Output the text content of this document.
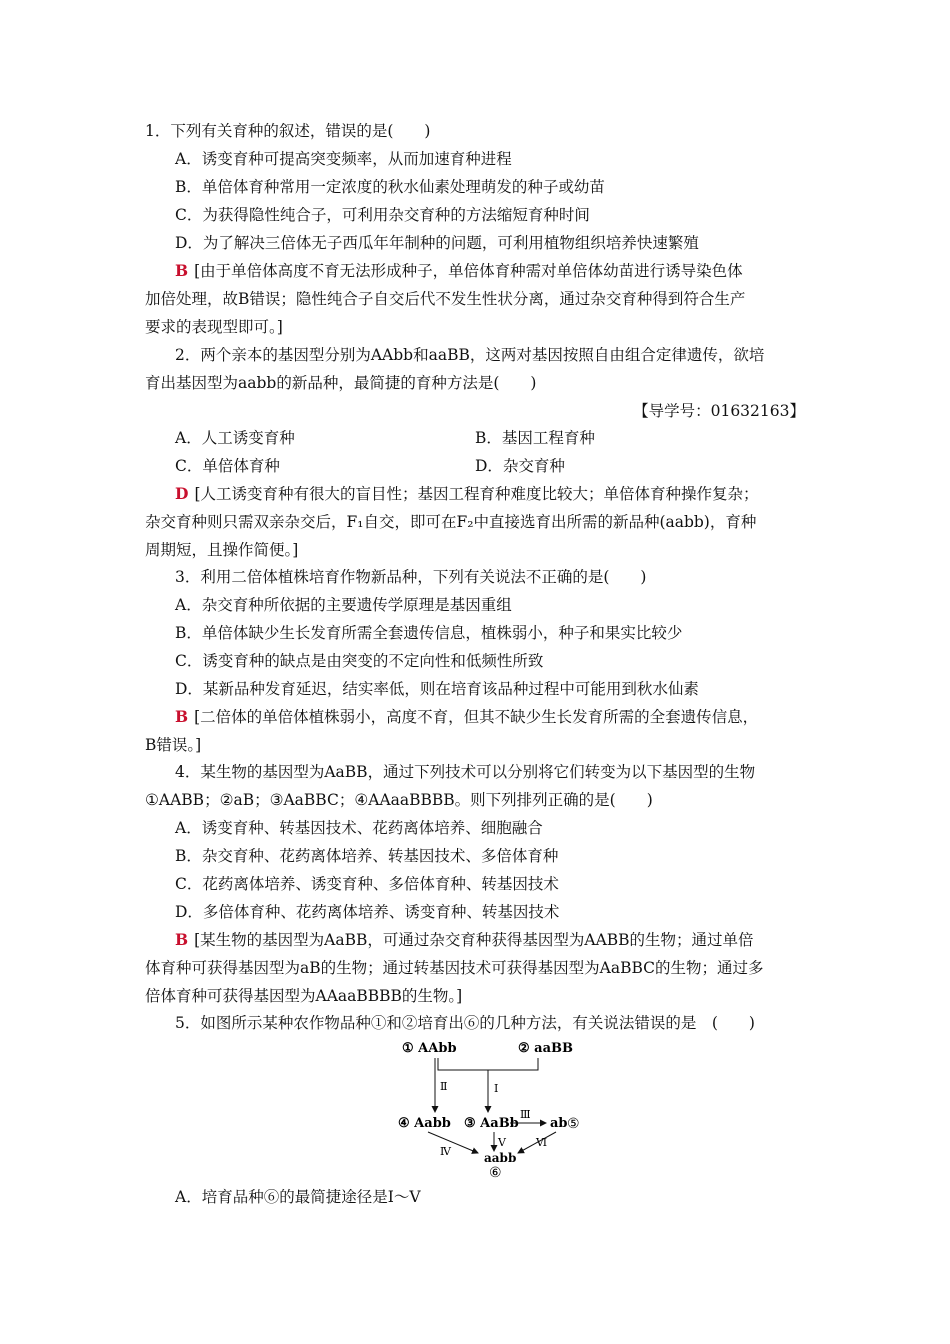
1．下列有关育种的叙述，错误的是(　　)
A．诱变育种可提高突变频率，从而加速育种进程
B．单倍体育种常用一定浓度的秋水仙素处理萌发的种子或幼苗
C．为获得隐性纯合子，可利用杂交育种的方法缩短育种时间
D．为了解决三倍体无子西瓜年年制种的问题，可利用植物组织培养快速繁殖
B [由于单倍体高度不育无法形成种子，单倍体育种需对单倍体幼苗进行诱导染色体
加倍处理，故B错误；隐性纯合子自交后代不发生性状分离，通过杂交育种得到符合生产
要求的表现型即可。]
2．两个亲本的基因型分别为AAbb和aaBB，这两对基因按照自由组合定律遗传，欲培
育出基因型为aabb的新品种，最简捷的育种方法是(　　)
【导学号：01632163】
A．人工诱变育种	B．基因工程育种
C．单倍体育种	D．杂交育种
D [人工诱变育种有很大的盲目性；基因工程育种难度比较大；单倍体育种操作复杂；
杂交育种则只需双亲杂交后，F₁自交，即可在F₂中直接选育出所需的新品种(aabb)，育种
周期短，且操作简便。]
3．利用二倍体植株培育作物新品种，下列有关说法不正确的是(　　)
A．杂交育种所依据的主要遗传学原理是基因重组
B．单倍体缺少生长发育所需全套遗传信息，植株弱小，种子和果实比较少
C．诱变育种的缺点是由突变的不定向性和低频性所致
D．某新品种发育延迟，结实率低，则在培育该品种过程中可能用到秋水仙素
B [二倍体的单倍体植株弱小，高度不育，但其不缺少生长发育所需的全套遗传信息，
B错误。]
4．某生物的基因型为AaBB，通过下列技术可以分别将它们转变为以下基因型的生物
①AABB；②aB；③AaBBC；④AAaaBBBB。则下列排列正确的是(　　)
A．诱变育种、转基因技术、花药离体培养、细胞融合
B．杂交育种、花药离体培养、转基因技术、多倍体育种
C．花药离体培养、诱变育种、多倍体育种、转基因技术
D．多倍体育种、花药离体培养、诱变育种、转基因技术
B [某生物的基因型为AaBB，可通过杂交育种获得基因型为AABB的生物；通过单倍
体育种可获得基因型为aB的生物；通过转基因技术可获得基因型为AaBBC的生物；通过多
倍体育种可获得基因型为AAaaBBBB的生物。]
5．如图所示某种农作物品种①和②培育出⑥的几种方法，有关说法错误的是　(　　)
① AAbb	② aaBB
④ Aabb ③ AaBb ab ⑤
aabb
⑥
Ⅱ	Ⅰ
Ⅲ
Ⅳ
Ⅴ	Ⅵ
A．培育品种⑥的最简捷途径是Ⅰ～Ⅴ
